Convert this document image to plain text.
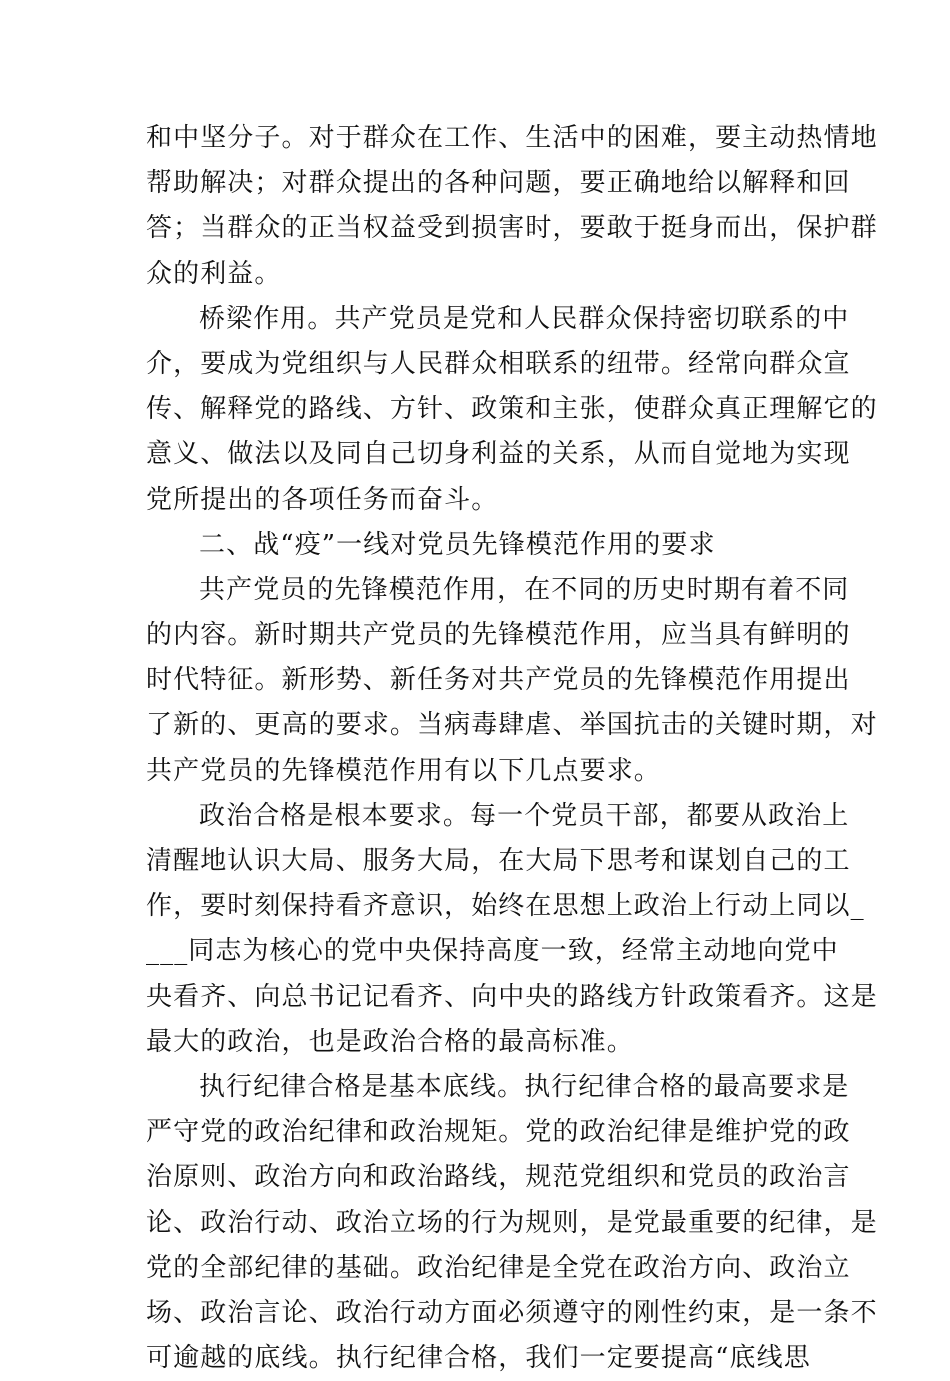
和中坚分子。对于群众在工作、生活中的困难，要主动热情地
帮助解决；对群众提出的各种问题，要正确地给以解释和回
答；当群众的正当权益受到损害时，要敢于挺身而出，保护群
众的利益。
桥梁作用。共产党员是党和人民群众保持密切联系的中
介，要成为党组织与人民群众相联系的纽带。经常向群众宣
传、解释党的路线、方针、政策和主张，使群众真正理解它的
意义、做法以及同自己切身利益的关系，从而自觉地为实现
党所提出的各项任务而奋斗。
二、战“疫”一线对党员先锋模范作用的要求
共产党员的先锋模范作用，在不同的历史时期有着不同
的内容。新时期共产党员的先锋模范作用，应当具有鲜明的
时代特征。新形势、新任务对共产党员的先锋模范作用提出
了新的、更高的要求。当病毒肆虐、举国抗击的关键时期，对
共产党员的先锋模范作用有以下几点要求。
政治合格是根本要求。每一个党员干部，都要从政治上
清醒地认识大局、服务大局，在大局下思考和谋划自己的工
作，要时刻保持看齐意识，始终在思想上政治上行动上同以_
___同志为核心的党中央保持高度一致，经常主动地向党中
央看齐、向总书记记看齐、向中央的路线方针政策看齐。这是
最大的政治，也是政治合格的最高标准。
执行纪律合格是基本底线。执行纪律合格的最高要求是
严守党的政治纪律和政治规矩。党的政治纪律是维护党的政
治原则、政治方向和政治路线，规范党组织和党员的政治言
论、政治行动、政治立场的行为规则，是党最重要的纪律，是
党的全部纪律的基础。政治纪律是全党在政治方向、政治立
场、政治言论、政治行动方面必须遵守的刚性约束，是一条不
可逾越的底线。执行纪律合格，我们一定要提高“底线思
